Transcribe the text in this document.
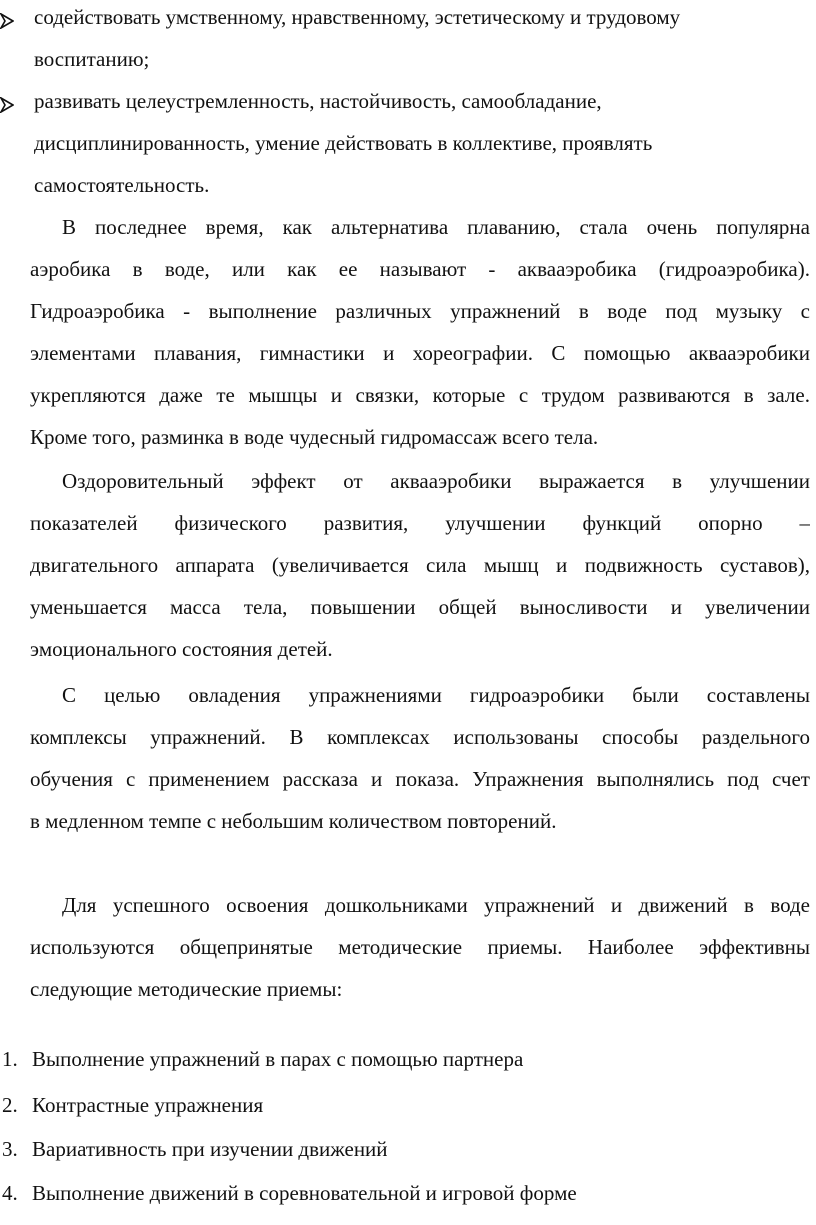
содействовать умственному, нравственному, эстетическому и трудовому
воспитанию;
развивать целеустремленность, настойчивость, самообладание,
дисциплинированность, умение действовать в коллективе, проявлять
самостоятельность.
В последнее время, как альтернатива плаванию, стала очень популярна
аэробика в воде, или как ее называют - аквааэробика (гидроаэробика).
Гидроаэробика - выполнение различных упражнений в воде под музыку с
элементами плавания, гимнастики и хореографии. С помощью аквааэробики
укрепляются даже те мышцы и связки, которые с трудом развиваются в зале.
Кроме того, разминка в воде чудесный гидромассаж всего тела.
Оздоровительный эффект от аквааэробики выражается в улучшении
показателей физического развития, улучшении функций опорно –
двигательного аппарата (увеличивается сила мышц и подвижность суставов),
уменьшается масса тела, повышении общей выносливости и увеличении
эмоционального состояния детей.
С целью овладения упражнениями гидроаэробики были составлены
комплексы упражнений. В комплексах использованы способы раздельного
обучения с применением рассказа и показа. Упражнения выполнялись под счет
в медленном темпе с небольшим количеством повторений.
Для успешного освоения дошкольниками упражнений и движений в воде
используются общепринятые методические приемы. Наиболее эффективны
следующие методические приемы:
1. Выполнение упражнений в парах с помощью партнера
2. Контрастные упражнения
3. Вариативность при изучении движений
4. Выполнение движений в соревновательной и игровой форме
